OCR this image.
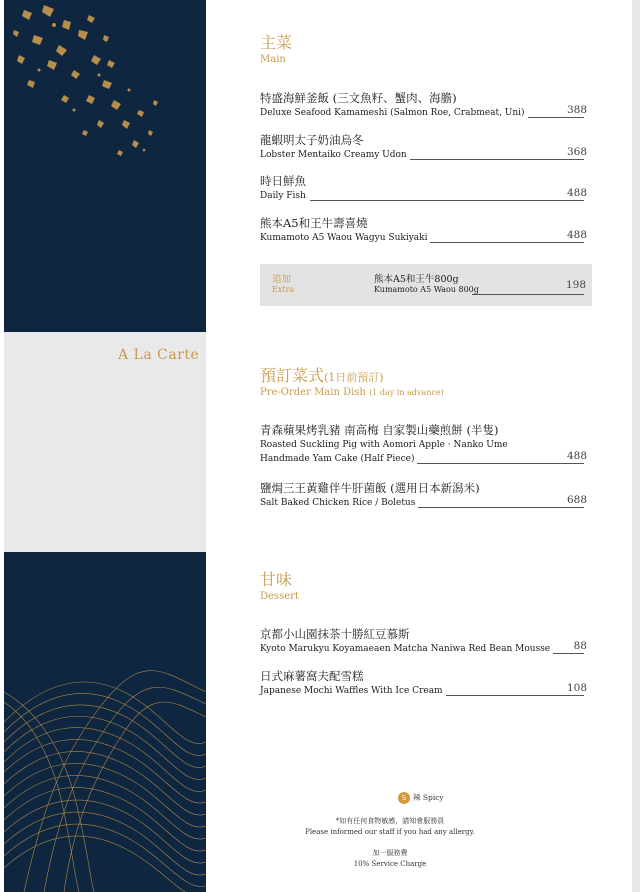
A La Carte
主菜
Main
特盛海鮮釜飯 (三文魚籽、蟹肉、海膽)
Deluxe Seafood Kamameshi (Salmon Roe, Crabmeat, Uni)	388
龍蝦明太子奶油烏冬
Lobster Mentaiko Creamy Udon	368
時日鮮魚
Daily Fish	488
熊本A5和王牛壽喜燒
Kumamoto A5 Waou Wagyu Sukiyaki	488
追加
Extra
熊本A5和王牛800g
Kumamoto A5 Waou 800g	198
預訂菜式(1日前預訂)
Pre-Order Main Dish (1 day in advance)
青森蘋果烤乳豬 南高梅 自家製山藥煎餅 (半隻)
Roasted Suckling Pig with Aomori Apple · Nanko Ume
Handmade Yam Cake (Half Piece)	488
鹽焗三王黃雞伴牛肝菌飯 (選用日本新潟米)
Salt Baked Chicken Rice / Boletus	688
甘味
Dessert
京都小山園抹茶十勝紅豆慕斯
Kyoto Marukyu Koyamaeaen Matcha Naniwa Red Bean Mousse 88
日式麻薯窩夫配雪糕
Japanese Mochi Waffles With Ice Cream	108
S 辣 Spicy
*如有任何食物敏感，請知會服務員
Please informed our staff if you had any allergy.
加一服務費
10% Service Charge
